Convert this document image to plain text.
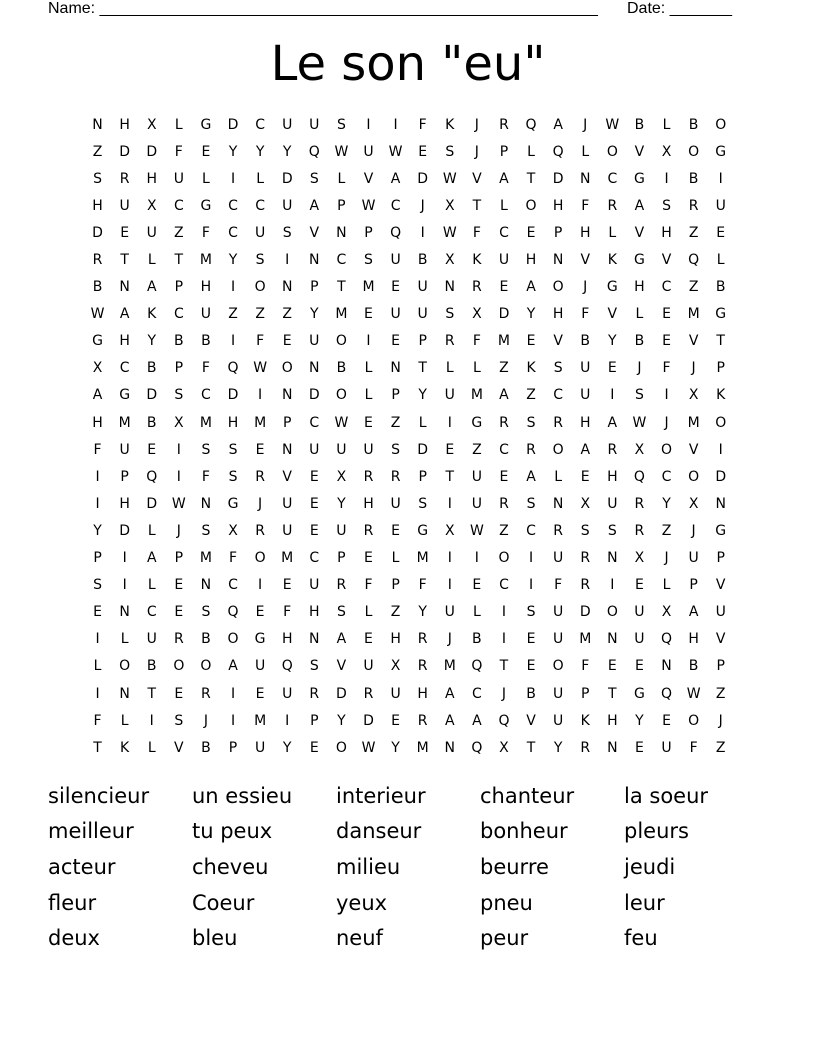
Name: ________________________________________________________ Date: _______
Le son "eu"
N	H	X	L	G	D	C	U	U	S	I	I	F	K	J	R	Q	A	J	W	B	L	B	O
Z	D	D	F	E	Y	Y	Y	Q	W	U	W	E	S	J	P	L	Q	L	O	V	X	O	G
S	R	H	U	L	I	L	D	S	L	V	A	D	W	V	A	T	D	N	C	G	I	B	I
H	U	X	C	G	C	C	U	A	P	W	C	J	X	T	L	O	H	F	R	A	S	R	U
D	E	U	Z	F	C	U	S	V	N	P	Q	I	W	F	C	E	P	H	L	V	H	Z	E
R	T	L	T	M	Y	S	I	N	C	S	U	B	X	K	U	H	N	V	K	G	V	Q	L
B	N	A	P	H	I	O	N	P	T	M	E	U	N	R	E	A	O	J	G	H	C	Z	B
W	A	K	C	U	Z	Z	Z	Y	M	E	U	U	S	X	D	Y	H	F	V	L	E	M	G
G	H	Y	B	B	I	F	E	U	O	I	E	P	R	F	M	E	V	B	Y	B	E	V	T
X	C	B	P	F	Q	W	O	N	B	L	N	T	L	L	Z	K	S	U	E	J	F	J	P
A	G	D	S	C	D	I	N	D	O	L	P	Y	U	M	A	Z	C	U	I	S	I	X	K
H	M	B	X	M	H	M	P	C	W	E	Z	L	I	G	R	S	R	H	A	W	J	M	O
F	U	E	I	S	S	E	N	U	U	U	S	D	E	Z	C	R	O	A	R	X	O	V	I
I	P	Q	I	F	S	R	V	E	X	R	R	P	T	U	E	A	L	E	H	Q	C	O	D
I	H	D	W	N	G	J	U	E	Y	H	U	S	I	U	R	S	N	X	U	R	Y	X	N
Y	D	L	J	S	X	R	U	E	U	R	E	G	X	W	Z	C	R	S	S	R	Z	J	G
P	I	A	P	M	F	O	M	C	P	E	L	M	I	I	O	I	U	R	N	X	J	U	P
S	I	L	E	N	C	I	E	U	R	F	P	F	I	E	C	I	F	R	I	E	L	P	V
E	N	C	E	S	Q	E	F	H	S	L	Z	Y	U	L	I	S	U	D	O	U	X	A	U
I	L	U	R	B	O	G	H	N	A	E	H	R	J	B	I	E	U	M	N	U	Q	H	V
L	O	B	O	O	A	U	Q	S	V	U	X	R	M	Q	T	E	O	F	E	E	N	B	P
I	N	T	E	R	I	E	U	R	D	R	U	H	A	C	J	B	U	P	T	G	Q	W	Z
F	L	I	S	J	I	M	I	P	Y	D	E	R	A	A	Q	V	U	K	H	Y	E	O	J
T	K	L	V	B	P	U	Y	E	O	W	Y	M	N	Q	X	T	Y	R	N	E	U	F	Z
silencieur	un essieu	interieur	chanteur	la soeur
meilleur	tu peux	danseur	bonheur	pleurs
acteur	cheveu	milieu	beurre	jeudi
fleur	Coeur	yeux	pneu	leur
deux	bleu	neuf	peur	feu
